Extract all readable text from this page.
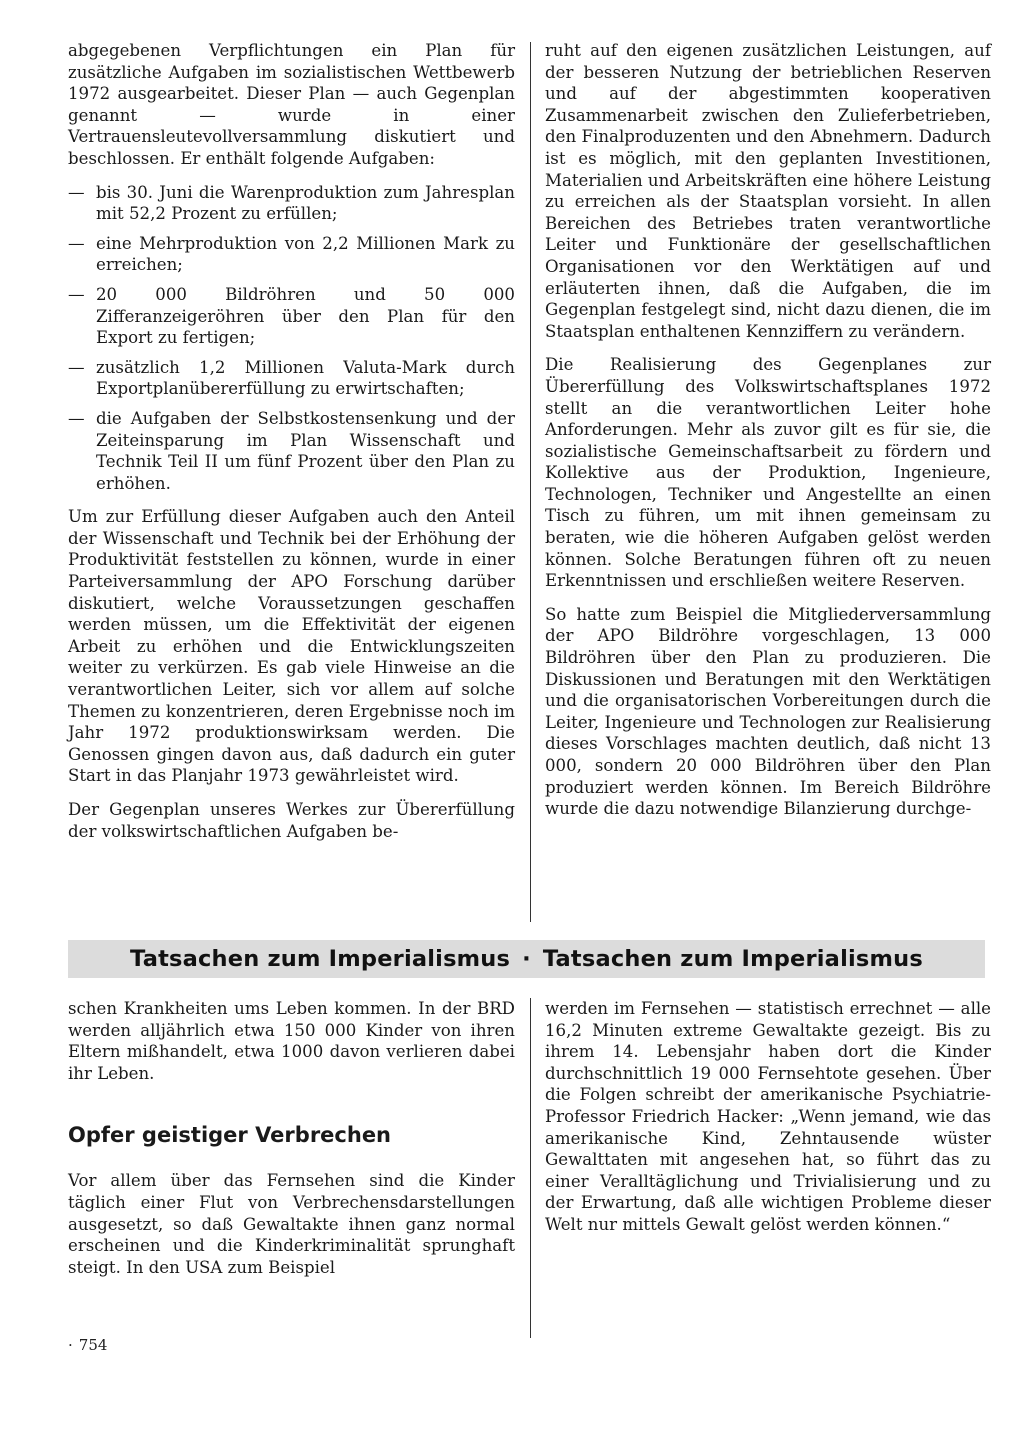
abgegebenen Verpflichtungen ein Plan für zusätzliche Aufgaben im sozialistischen Wettbewerb 1972 ausgearbeitet. Dieser Plan — auch Gegenplan genannt — wurde in einer Vertrauensleutevollversammlung diskutiert und beschlossen. Er enthält folgende Aufgaben:

— bis 30. Juni die Warenproduktion zum Jahresplan mit 52,2 Prozent zu erfüllen;
— eine Mehrproduktion von 2,2 Millionen Mark zu erreichen;
— 20 000 Bildröhren und 50 000 Zifferanzeigeröhren über den Plan für den Export zu fertigen;
— zusätzlich 1,2 Millionen Valuta-Mark durch Exportplanübererfüllung zu erwirtschaften;
— die Aufgaben der Selbstkostensenkung und der Zeiteinsparung im Plan Wissenschaft und Technik Teil II um fünf Prozent über den Plan zu erhöhen.

Um zur Erfüllung dieser Aufgaben auch den Anteil der Wissenschaft und Technik bei der Erhöhung der Produktivität feststellen zu können, wurde in einer Parteiversammlung der APO Forschung darüber diskutiert, welche Voraussetzungen geschaffen werden müssen, um die Effektivität der eigenen Arbeit zu erhöhen und die Entwicklungszeiten weiter zu verkürzen. Es gab viele Hinweise an die verantwortlichen Leiter, sich vor allem auf solche Themen zu konzentrieren, deren Ergebnisse noch im Jahr 1972 produktionswirksam werden. Die Genossen gingen davon aus, daß dadurch ein guter Start in das Planjahr 1973 gewährleistet wird.

Der Gegenplan unseres Werkes zur Übererfüllung der volkswirtschaftlichen Aufgaben be-

ruht auf den eigenen zusätzlichen Leistungen, auf der besseren Nutzung der betrieblichen Reserven und auf der abgestimmten kooperativen Zusammenarbeit zwischen den Zulieferbetrieben, den Finalproduzenten und den Abnehmern. Dadurch ist es möglich, mit den geplanten Investitionen, Materialien und Arbeitskräften eine höhere Leistung zu erreichen als der Staatsplan vorsieht. In allen Bereichen des Betriebes traten verantwortliche Leiter und Funktionäre der gesellschaftlichen Organisationen vor den Werktätigen auf und erläuterten ihnen, daß die Aufgaben, die im Gegenplan festgelegt sind, nicht dazu dienen, die im Staatsplan enthaltenen Kennziffern zu verändern.

Die Realisierung des Gegenplanes zur Übererfüllung des Volkswirtschaftsplanes 1972 stellt an die verantwortlichen Leiter hohe Anforderungen. Mehr als zuvor gilt es für sie, die sozialistische Gemeinschaftsarbeit zu fördern und Kollektive aus der Produktion, Ingenieure, Technologen, Techniker und Angestellte an einen Tisch zu führen, um mit ihnen gemeinsam zu beraten, wie die höheren Aufgaben gelöst werden können. Solche Beratungen führen oft zu neuen Erkenntnissen und erschließen weitere Reserven.

So hatte zum Beispiel die Mitgliederversammlung der APO Bildröhre vorgeschlagen, 13 000 Bildröhren über den Plan zu produzieren. Die Diskussionen und Beratungen mit den Werktätigen und die organisatorischen Vorbereitungen durch die Leiter, Ingenieure und Technologen zur Realisierung dieses Vorschlages machten deutlich, daß nicht 13 000, sondern 20 000 Bildröhren über den Plan produziert werden können. Im Bereich Bildröhre wurde die dazu notwendige Bilanzierung durchge-

Tatsachen zum Imperialismus · Tatsachen zum Imperialismus

schen Krankheiten ums Leben kommen. In der BRD werden alljährlich etwa 150 000 Kinder von ihren Eltern mißhandelt, etwa 1000 davon verlieren dabei ihr Leben.

Opfer geistiger Verbrechen

Vor allem über das Fernsehen sind die Kinder täglich einer Flut von Verbrechensdarstellungen ausgesetzt, so daß Gewaltakte ihnen ganz normal erscheinen und die Kinderkriminalität sprunghaft steigt. In den USA zum Beispiel

werden im Fernsehen — statistisch errechnet — alle 16,2 Minuten extreme Gewaltakte gezeigt. Bis zu ihrem 14. Lebensjahr haben dort die Kinder durchschnittlich 19 000 Fernsehtote gesehen. Über die Folgen schreibt der amerikanische Psychiatrie-Professor Friedrich Hacker: „Wenn jemand, wie das amerikanische Kind, Zehntausende wüster Gewalttaten mit angesehen hat, so führt das zu einer Veralltäglichung und Trivialisierung und zu der Erwartung, daß alle wichtigen Probleme dieser Welt nur mittels Gewalt gelöst werden können.“

· 754
